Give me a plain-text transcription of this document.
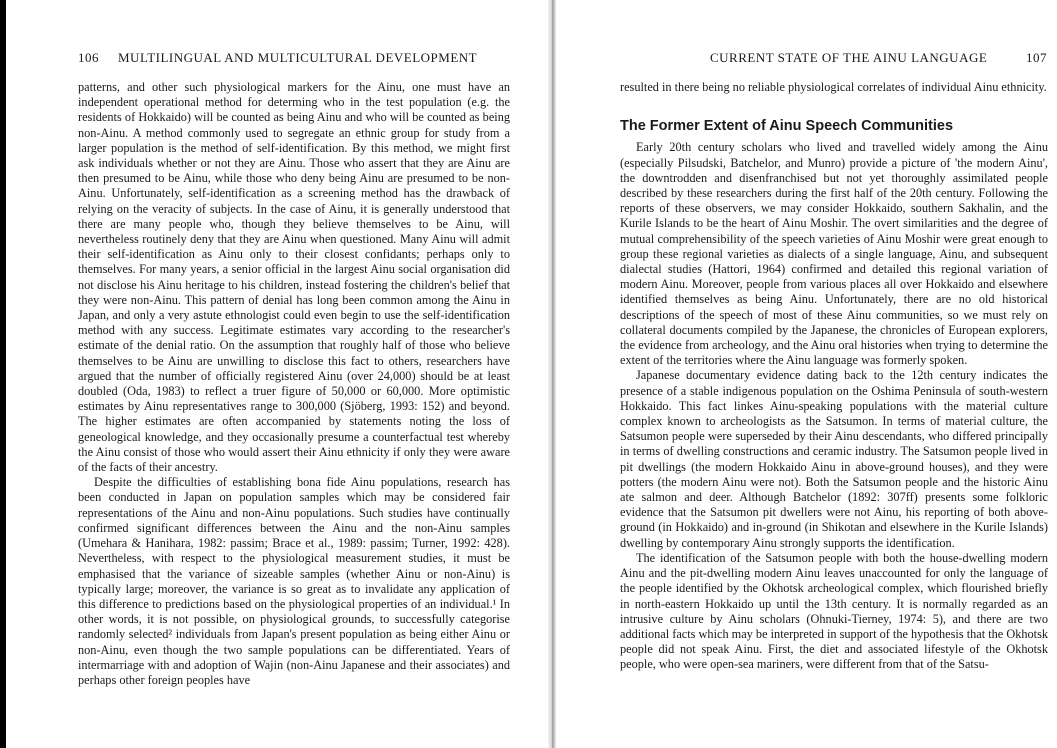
106 MULTILINGUAL AND MULTICULTURAL DEVELOPMENT

patterns, and other such physiological markers for the Ainu, one must have an independent operational method for determing who in the test population (e.g. the residents of Hokkaido) will be counted as being Ainu and who will be counted as being non-Ainu. A method commonly used to segregate an ethnic group for study from a larger population is the method of self-identification. By this method, we might first ask individuals whether or not they are Ainu. Those who assert that they are Ainu are then presumed to be Ainu, while those who deny being Ainu are presumed to be non-Ainu. Unfortunately, self-identification as a screening method has the drawback of relying on the veracity of subjects. In the case of Ainu, it is generally understood that there are many people who, though they believe themselves to be Ainu, will nevertheless routinely deny that they are Ainu when questioned. Many Ainu will admit their self-identification as Ainu only to their closest confidants; perhaps only to themselves. For many years, a senior official in the largest Ainu social organisation did not disclose his Ainu heritage to his children, instead fostering the children's belief that they were non-Ainu. This pattern of denial has long been common among the Ainu in Japan, and only a very astute ethnologist could even begin to use the self-identification method with any success. Legitimate estimates vary according to the researcher's estimate of the denial ratio. On the assumption that roughly half of those who believe themselves to be Ainu are unwilling to disclose this fact to others, researchers have argued that the number of officially registered Ainu (over 24,000) should be at least doubled (Oda, 1983) to reflect a truer figure of 50,000 or 60,000. More optimistic estimates by Ainu representatives range to 300,000 (Sjöberg, 1993: 152) and beyond. The higher estimates are often accompanied by statements noting the loss of geneological knowledge, and they occasionally presume a counterfactual test whereby the Ainu consist of those who would assert their Ainu ethnicity if only they were aware of the facts of their ancestry.

Despite the difficulties of establishing bona fide Ainu populations, research has been conducted in Japan on population samples which may be considered fair representations of the Ainu and non-Ainu populations. Such studies have continually confirmed significant differences between the Ainu and the non-Ainu samples (Umehara & Hanihara, 1982: passim; Brace et al., 1989: passim; Turner, 1992: 428). Nevertheless, with respect to the physiological measurement studies, it must be emphasised that the variance of sizeable samples (whether Ainu or non-Ainu) is typically large; moreover, the variance is so great as to invalidate any application of this difference to predictions based on the physiological properties of an individual.¹ In other words, it is not possible, on physiological grounds, to successfully categorise randomly selected² individuals from Japan's present population as being either Ainu or non-Ainu, even though the two sample populations can be differentiated. Years of intermarriage with and adoption of Wajin (non-Ainu Japanese and their associates) and perhaps other foreign peoples have

CURRENT STATE OF THE AINU LANGUAGE	107

resulted in there being no reliable physiological correlates of individual Ainu ethnicity.

The Former Extent of Ainu Speech Communities

Early 20th century scholars who lived and travelled widely among the Ainu (especially Pilsudski, Batchelor, and Munro) provide a picture of 'the modern Ainu', the downtrodden and disenfranchised but not yet thoroughly assimilated people described by these researchers during the first half of the 20th century. Following the reports of these observers, we may consider Hokkaido, southern Sakhalin, and the Kurile Islands to be the heart of Ainu Moshir. The overt similarities and the degree of mutual comprehensibility of the speech varieties of Ainu Moshir were great enough to group these regional varieties as dialects of a single language, Ainu, and subsequent dialectal studies (Hattori, 1964) confirmed and detailed this regional variation of modern Ainu. Moreover, people from various places all over Hokkaido and elsewhere identified themselves as being Ainu. Unfortunately, there are no old historical descriptions of the speech of most of these Ainu communities, so we must rely on collateral documents compiled by the Japanese, the chronicles of European explorers, the evidence from archeology, and the Ainu oral histories when trying to determine the extent of the territories where the Ainu language was formerly spoken.

Japanese documentary evidence dating back to the 12th century indicates the presence of a stable indigenous population on the Oshima Peninsula of south-western Hokkaido. This fact linkes Ainu-speaking populations with the material culture complex known to archeologists as the Satsumon. In terms of material culture, the Satsumon people were superseded by their Ainu descendants, who differed principally in terms of dwelling constructions and ceramic industry. The Satsumon people lived in pit dwellings (the modern Hokkaido Ainu in above-ground houses), and they were potters (the modern Ainu were not). Both the Satsumon people and the historic Ainu ate salmon and deer. Although Batchelor (1892: 307ff) presents some folkloric evidence that the Satsumon pit dwellers were not Ainu, his reporting of both above-ground (in Hokkaido) and in-ground (in Shikotan and elsewhere in the Kurile Islands) dwelling by contemporary Ainu strongly supports the identification.

The identification of the Satsumon people with both the house-dwelling modern Ainu and the pit-dwelling modern Ainu leaves unaccounted for only the language of the people identified by the Okhotsk archeological complex, which flourished briefly in north-eastern Hokkaido up until the 13th century. It is normally regarded as an intrusive culture by Ainu scholars (Ohnuki-Tierney, 1974: 5), and there are two additional facts which may be interpreted in support of the hypothesis that the Okhotsk people did not speak Ainu. First, the diet and associated lifestyle of the Okhotsk people, who were open-sea mariners, were different from that of the Satsu-
